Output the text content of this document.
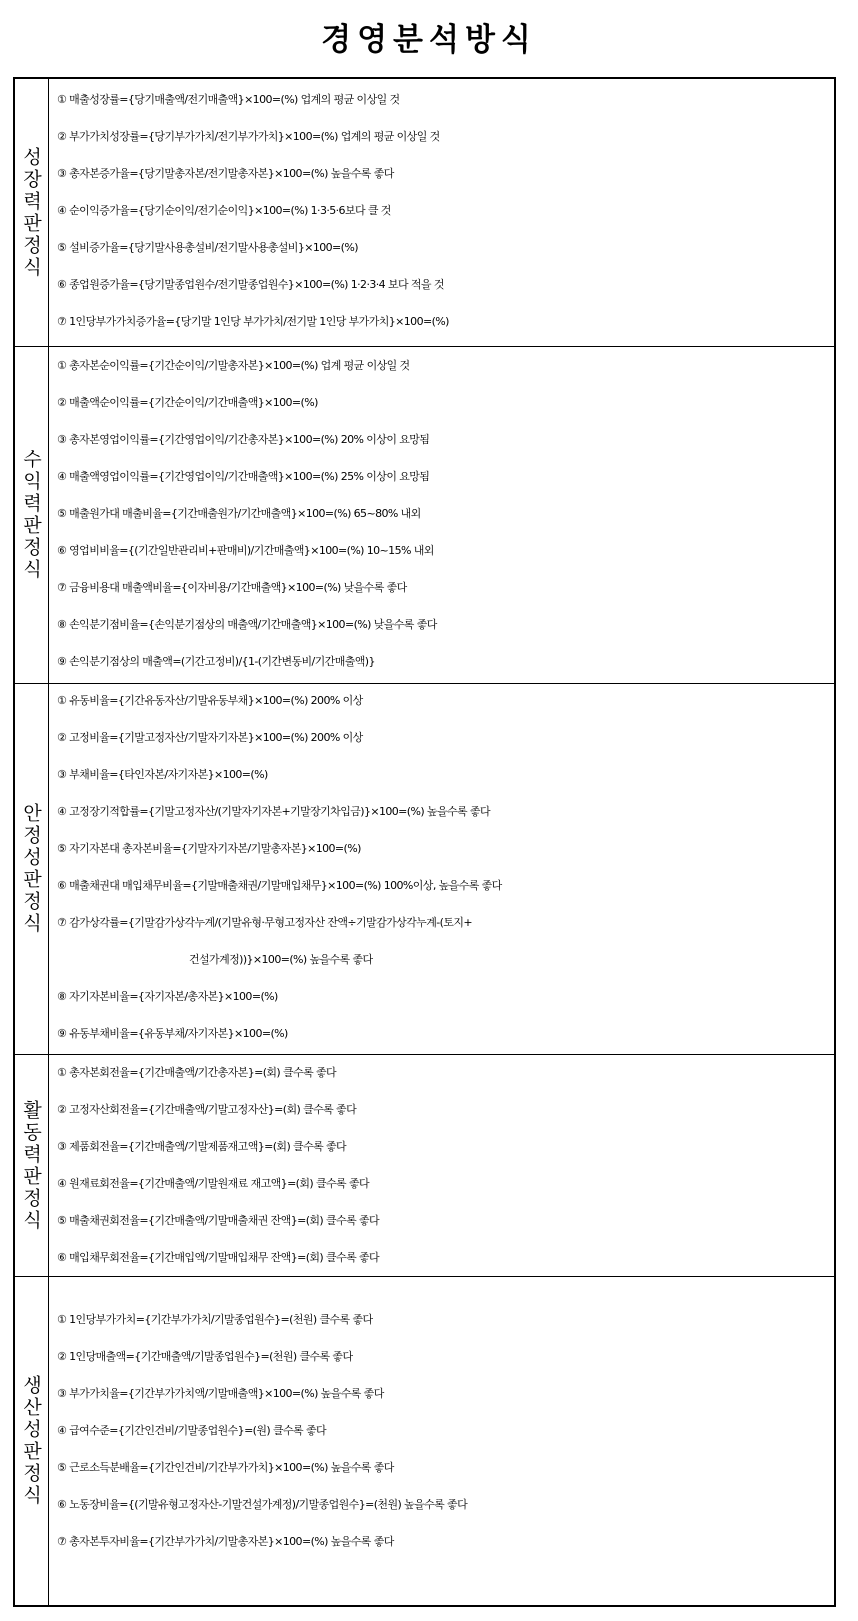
경영분석방식
성장력판정식
① 매출성장률={당기매출액/전기매출액}×100=(%) 업계의 평균 이상일 것
② 부가가치성장률={당기부가가치/전기부가가치}×100=(%) 업계의 평균 이상일 것
③ 총자본증가율={당기말총자본/전기말총자본}×100=(%) 높을수록 좋다
④ 순이익증가율={당기순이익/전기순이익}×100=(%) 1·3·5·6보다 클 것
⑤ 설비증가율={당기말사용총설비/전기말사용총설비}×100=(%)
⑥ 종업원증가율={당기말종업원수/전기말종업원수}×100=(%) 1·2·3·4 보다 적을 것
⑦ 1인당부가가치증가율={당기말 1인당 부가가치/전기말 1인당 부가가치}×100=(%)
수익력판정식
① 총자본순이익률={기간순이익/기말총자본}×100=(%) 업계 평균 이상일 것
② 매출액순이익률={기간순이익/기간매출액}×100=(%)
③ 총자본영업이익률={기간영업이익/기간총자본}×100=(%) 20% 이상이 요망됨
④ 매출액영업이익률={기간영업이익/기간매출액}×100=(%) 25% 이상이 요망됨
⑤ 매출원가대 매출비율={기간매출원가/기간매출액}×100=(%) 65~80% 내외
⑥ 영업비비율={(기간일반관리비+판매비)/기간매출액}×100=(%) 10~15% 내외
⑦ 금융비용대 매출액비율={이자비용/기간매출액}×100=(%) 낮을수록 좋다
⑧ 손익분기점비율={손익분기점상의 매출액/기간매출액}×100=(%) 낮을수록 좋다
⑨ 손익분기점상의 매출액=(기간고정비)/{1-(기간변동비/기간매출액)}
안정성판정식
① 유동비율={기간유동자산/기말유동부채}×100=(%) 200% 이상
② 고정비율={기말고정자산/기말자기자본}×100=(%) 200% 이상
③ 부채비율={타인자본/자기자본}×100=(%)
④ 고정장기적합률={기말고정자산/(기말자기자본+기말장기차입금)}×100=(%) 높을수록 좋다
⑤ 자기자본대 총자본비율={기말자기자본/기말총자본}×100=(%)
⑥ 매출채권대 매입채무비율={기말매출채권/기말매입채무}×100=(%) 100%이상, 높을수록 좋다
⑦ 감가상각률={기말감가상각누계/(기말유형·무형고정자산 잔액÷기말감가상각누계-(토지+
건설가계정))}×100=(%) 높을수록 좋다
⑧ 자기자본비율={자기자본/총자본}×100=(%)
⑨ 유동부채비율={유동부채/자기자본}×100=(%)
활동력판정식
① 총자본회전율={기간매출액/기간총자본}=(회) 클수록 좋다
② 고정자산회전율={기간매출액/기말고정자산}=(회) 클수록 좋다
③ 제품회전율={기간매출액/기말제품재고액}=(회) 클수록 좋다
④ 원재료회전율={기간매출액/기말원재료 재고액}=(회) 클수록 좋다
⑤ 매출채권회전율={기간매출액/기말매출채권 잔액}=(회) 클수록 좋다
⑥ 매입채무회전율={기간매입액/기말매입채무 잔액}=(회) 클수록 좋다
생산성판정식
① 1인당부가가치={기간부가가치/기말종업원수}=(천원) 클수록 좋다
② 1인당매출액={기간매출액/기말종업원수}=(천원) 클수록 좋다
③ 부가가치율={기간부가가치액/기말매출액}×100=(%) 높을수록 좋다
④ 급여수준={기간인건비/기말종업원수}=(원) 클수록 좋다
⑤ 근로소득분배율={기간인건비/기간부가가치}×100=(%) 높을수록 좋다
⑥ 노동장비율={(기말유형고정자산-기말건설가계정)/기말종업원수}=(천원) 높을수록 좋다
⑦ 총자본투자비율={기간부가가치/기말총자본}×100=(%) 높을수록 좋다
